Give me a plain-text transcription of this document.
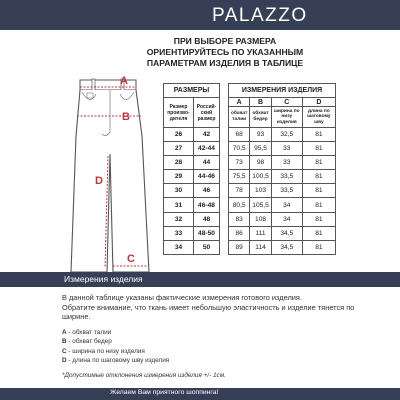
PALAZZO
ПРИ ВЫБОРЕ РАЗМЕРА
ОРИЕНТИРУЙТЕСЬ ПО УКАЗАННЫМ
ПАРАМЕТРАМ ИЗДЕЛИЯ В ТАБЛИЦЕ
A
B
D
C
РАЗМЕРЫ	
Размер произво-дителя	Россий-ский размер
26	42
27	42-44
28	44
29	44-46
30	46
31	46-48
32	48
33	48-50
34	50
ИЗМЕРЕНИЯ ИЗДЕЛИЯ			
A	B	C	D
обхват талии	обхват бедер	ширина по низу изделия	длина по шаговому шву
68	93	32,5	81
70,5	95,5	33	81
73	98	33	81
75,5	100,5	33,5	81
78	103	33,5	81
80,5	105,5	34	81
83	108	34	81
86	111	34,5	81
89	114	34,5	81
Измерения изделия
В данной таблице указаны фактические измерения готового изделия.
Обратите внимание, что ткань имеет небольшую эластичность и изделие тянется по ширине.
А - обхват талии
В - обхват бедер
С - ширина по низу изделия
D - длина по шаговому шву изделия
*Допустимые отклонения измерения изделия +/- 1см.
Желаем Вам приятного шоппинга!
